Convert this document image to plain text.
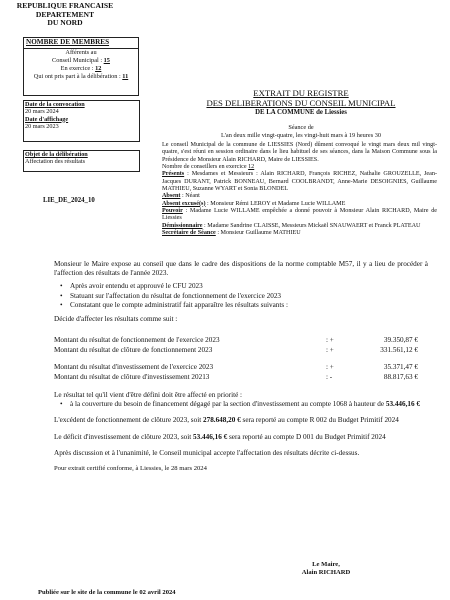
REPUBLIQUE FRANCAISE
DEPARTEMENT
DU NORD
NOMBRE DE MEMBRES
Afférents au
Conseil Municipal : 15
En exercice : 12
Qui ont pris part à la délibération : 11
Date de la convocation
20 mars 2024
Date d'affichage
20 mars 2023
Objet de la délibération
Affectation des résultats
LIE_DE_2024_10
EXTRAIT DU REGISTRE
DES DELIBERATIONS DU CONSEIL MUNICIPAL
DE LA COMMUNE de Liessies
Séance de
L'an deux mille vingt-quatre, les vingt-huit mars à 19 heures 30

Le conseil Municipal de la commune de LIESSIES (Nord) dûment convoqué le vingt mars deux mil vingt-quatre, s'est réuni en session ordinaire dans le lieu habituel de ses séances, dans la Maison Commune sous la Présidence de Monsieur Alain RICHARD, Maire de LIESSIES.

Nombre de conseillers en exercice 12

Présents : Mesdames et Messieurs : Alain RICHARD, François RICHEZ, Nathalie GROUZELLE, Jean-Jacques DURANT, Patrick BONNEAU, Bernard COOLBRANDT, Anne-Marie DESOIGNIES, Guillaume MATHIEU, Suzanne WYART et Sonia BLONDEL

Absent : Néant

Absent excusé(s) : Monsieur Rémi LEROY et Madame Lucie WILLAME

Pouvoir : Madame Lucie WILLAME empêchée a donné pouvoir à Monsieur Alain RICHARD, Maire de Liessies

Démissionnaire : Madame Sandrine CLAISSE, Messieurs Mickaël SNAUWAERT et Franck PLATEAU

Secrétaire de Séance : Monsieur Guillaume MATHIEU

Monsieur le Maire expose au conseil que dans le cadre des dispositions de la norme comptable M57, il y a lieu de procéder à l'affection des résultats de l'année 2023.

• Après avoir entendu et approuvé le CFU 2023
• Statuant sur l'affectation du résultat de fonctionnement de l'exercice 2023
• Constatant que le compte administratif fait apparaître les résultats suivants :

Décide d'affecter les résultats comme suit :

Montant du résultat de fonctionnement de l'exercice 2023	: +	39.350,87 €
Montant du résultat de clôture de fonctionnement 2023	: +	331.561,12 €
Montant du résultat d'investissement de l'exercice 2023	: +	35.371,47 €
Montant du résultat de clôture d'investissement 20213	: -	88.817,63 €

Le résultat tel qu'il vient d'être défini doit être affecté en priorité :

• à la couverture du besoin de financement dégagé par la section d'investissement au compte 1068 à hauteur de 53.446,16 €

L'excédent de fonctionnement de clôture 2023, soit 278.648,20 € sera reporté au compte R 002 du Budget Primitif 2024

Le déficit d'investissement de clôture 2023, soit 53.446,16 € sera reporté au compte D 001 du Budget Primitif 2024

Après discussion et à l'unanimité, le Conseil municipal accepte l'affectation des résultats décrite ci-dessus.

Pour extrait certifié conforme, à Liessies, le 28 mars 2024

Le Maire,
Alain RICHARD
Publiée sur le site de la commune le 02 avril 2024
